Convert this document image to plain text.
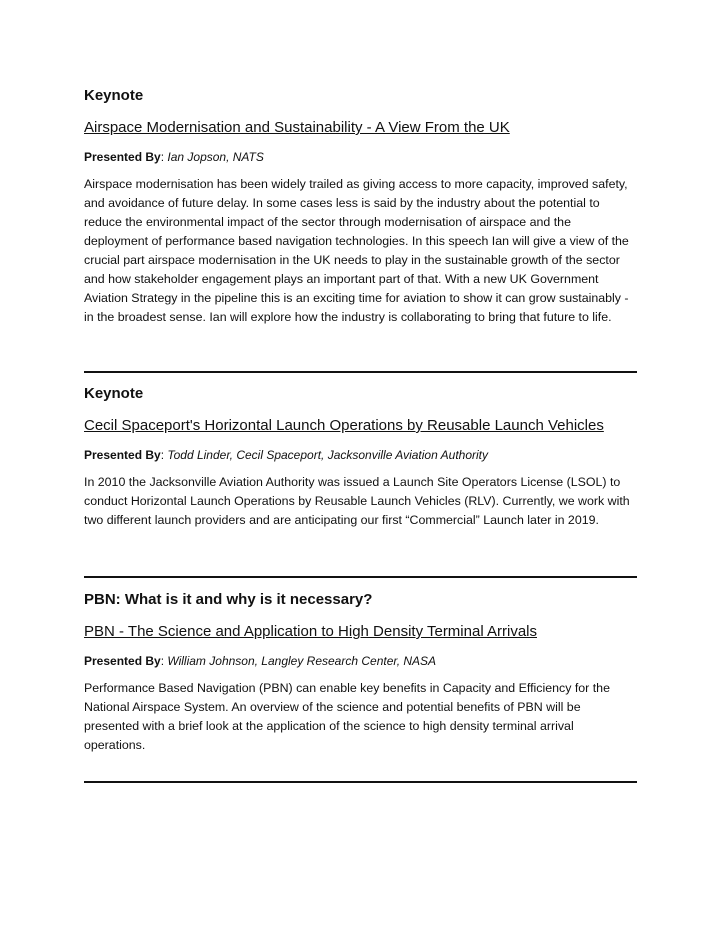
Keynote

Airspace Modernisation and Sustainability - A View From the UK

Presented By: Ian Jopson, NATS

Airspace modernisation has been widely trailed as giving access to more capacity, improved safety, and avoidance of future delay. In some cases less is said by the industry about the potential to reduce the environmental impact of the sector through modernisation of airspace and the deployment of performance based navigation technologies. In this speech Ian will give a view of the crucial part airspace modernisation in the UK needs to play in the sustainable growth of the sector and how stakeholder engagement plays an important part of that. With a new UK Government Aviation Strategy in the pipeline this is an exciting time for aviation to show it can grow sustainably - in the broadest sense. Ian will explore how the industry is collaborating to bring that future to life.

Keynote

Cecil Spaceport's Horizontal Launch Operations by Reusable Launch Vehicles

Presented By: Todd Linder, Cecil Spaceport, Jacksonville Aviation Authority

In 2010 the Jacksonville Aviation Authority was issued a Launch Site Operators License (LSOL) to conduct Horizontal Launch Operations by Reusable Launch Vehicles (RLV). Currently, we work with two different launch providers and are anticipating our first “Commercial” Launch later in 2019.

PBN: What is it and why is it necessary?

PBN - The Science and Application to High Density Terminal Arrivals

Presented By: William Johnson, Langley Research Center, NASA

Performance Based Navigation (PBN) can enable key benefits in Capacity and Efficiency for the National Airspace System. An overview of the science and potential benefits of PBN will be presented with a brief look at the application of the science to high density terminal arrival operations.
